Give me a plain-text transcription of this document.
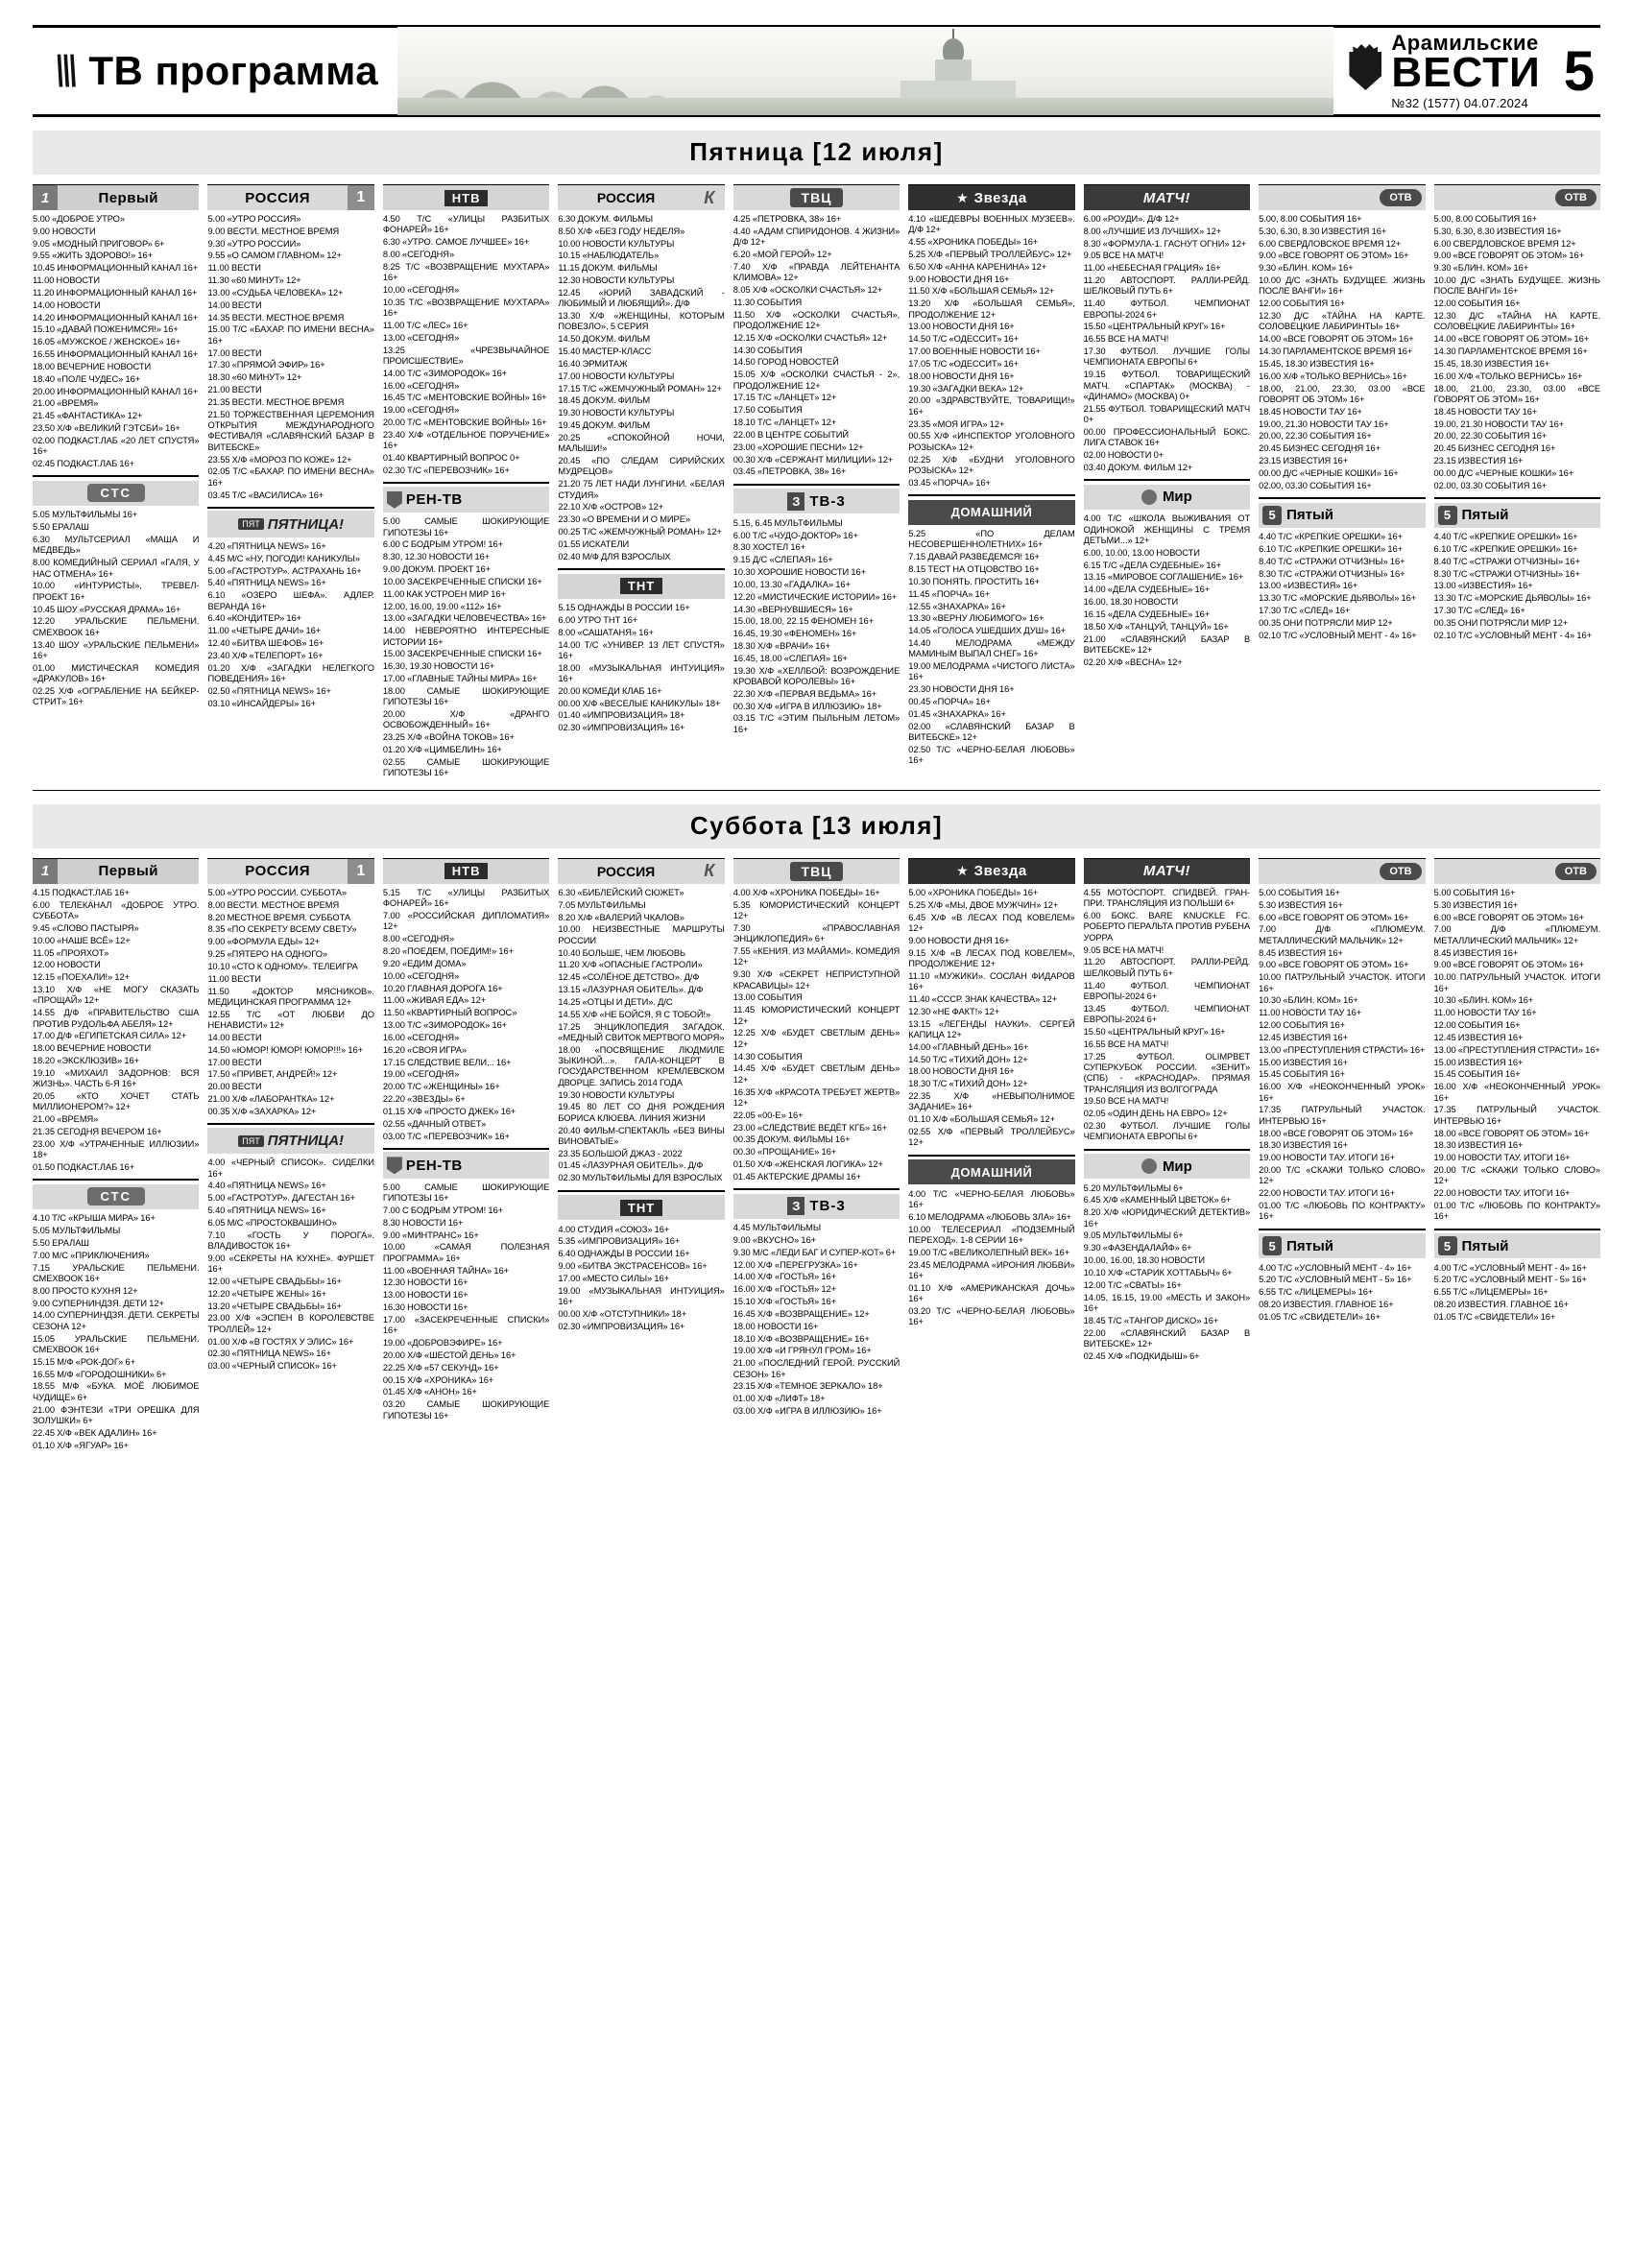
\\\ ТВ программа
Арамильские
ВЕСТИ
№32 (1577) 04.07.2024
5
Пятница [12 июля]
1	Первый

5.00 «ДОБРОЕ УТРО»

9.00 НОВОСТИ

9.05 «МОДНЫЙ ПРИГОВОР» 6+

9.55 «ЖИТЬ ЗДОРОВО!» 16+

10.45 ИНФОРМАЦИОННЫЙ КАНАЛ 16+

11.00 НОВОСТИ

11.20 ИНФОРМАЦИОННЫЙ КАНАЛ 16+

14.00 НОВОСТИ

14.20 ИНФОРМАЦИОННЫЙ КАНАЛ 16+

15.10 «ДАВАЙ ПОЖЕНИМСЯ!» 16+

16.05 «МУЖСКОЕ / ЖЕНСКОЕ» 16+

16.55 ИНФОРМАЦИОННЫЙ КАНАЛ 16+

18.00 ВЕЧЕРНИЕ НОВОСТИ

18.40 «ПОЛЕ ЧУДЕС» 16+

20.00 ИНФОРМАЦИОННЫЙ КАНАЛ 16+

21.00 «ВРЕМЯ»

21.45 «ФАНТАСТИКА» 12+

23.50 Х/Ф «ВЕЛИКИЙ ГЭТСБИ» 16+

02.00 ПОДКАСТ.ЛАБ «20 ЛЕТ СПУСТЯ» 16+

02.45 ПОДКАСТ.ЛАБ 16+

СТС

5.05 МУЛЬТФИЛЬМЫ 16+

5.50 ЕРАЛАШ

6.30 МУЛЬТСЕРИАЛ «МАША И МЕДВЕДЬ»

8.00 КОМЕДИЙНЫЙ СЕРИАЛ «ГАЛЯ, У НАС ОТМЕНА» 16+

10.00 «ИНТУРИСТЫ», ТРЕВЕЛ-ПРОЕКТ 16+

10.45 ШОУ «РУССКАЯ ДРАМА» 16+

12.20 УРАЛЬСКИЕ ПЕЛЬМЕНИ. СМЕХВООК 16+

13.40 ШОУ «УРАЛЬСКИЕ ПЕЛЬМЕНИ» 16+

01.00 МИСТИЧЕСКАЯ КОМЕДИЯ «ДРАКУЛОВ» 16+

02.25 Х/Ф «ОГРАБЛЕНИЕ НА БЕЙКЕР-СТРИТ» 16+

РОССИЯ	1

5.00 «УТРО РОССИЯ»

9.00 ВЕСТИ. МЕСТНОЕ ВРЕМЯ

9.30 «УТРО РОССИИ»

9.55 «О САМОМ ГЛАВНОМ» 12+

11.00 ВЕСТИ

11.30 «60 МИНУТ» 12+

13.00 «СУДЬБА ЧЕЛОВЕКА» 12+

14.00 ВЕСТИ

14.35 ВЕСТИ. МЕСТНОЕ ВРЕМЯ

15.00 Т/С «БАХАР. ПО ИМЕНИ ВЕСНА» 16+

17.00 ВЕСТИ

17.30 «ПРЯМОЙ ЭФИР» 16+

18.30 «60 МИНУТ» 12+

21.00 ВЕСТИ

21.35 ВЕСТИ. МЕСТНОЕ ВРЕМЯ

21.50 ТОРЖЕСТВЕННАЯ ЦЕРЕМОНИЯ ОТКРЫТИЯ МЕЖДУНАРОДНОГО ФЕСТИВАЛЯ «СЛАВЯНСКИЙ БАЗАР В ВИТЕБСКЕ»

23.55 Х/Ф «МОРОЗ ПО КОЖЕ» 12+

02.05 Т/С «БАХАР. ПО ИМЕНИ ВЕСНА» 16+

03.45 Т/С «ВАСИЛИСА» 16+

ПЯТ ПЯТНИЦА!

4.20 «ПЯТНИЦА NEWS» 16+

4.45 М/С «НУ, ПОГОДИ! КАНИКУЛЫ»

5.00 «ГАСТРОТУР». АСТРАХАНЬ 16+

5.40 «ПЯТНИЦА NEWS» 16+

6.10 «ОЗЕРО ШЕФА». АДЛЕР. ВЕРАНДА 16+

6.40 «КОНДИТЕР» 16+

11.00 «ЧЕТЫРЕ ДАЧИ» 16+

12.40 «БИТВА ШЕФОВ» 16+

23.40 Х/Ф «ТЕЛЕПОРТ» 16+

01.20 Х/Ф «ЗАГАДКИ НЕЛЕГКОГО ПОВЕДЕНИЯ» 16+

02.50 «ПЯТНИЦА NEWS» 16+

03.10 «ИНСАЙДЕРЫ» 16+

НТВ

4.50 Т/С «УЛИЦЫ РАЗБИТЫХ ФОНАРЕЙ» 16+

6.30 «УТРО. САМОЕ ЛУЧШЕЕ» 16+

8.00 «СЕГОДНЯ»

8.25 Т/С «ВОЗВРАЩЕНИЕ МУХТАРА» 16+

10.00 «СЕГОДНЯ»

10.35 Т/С «ВОЗВРАЩЕНИЕ МУХТАРА» 16+

11.00 Т/С «ЛЕС» 16+

13.00 «СЕГОДНЯ»

13.25 «ЧРЕЗВЫЧАЙНОЕ ПРОИСШЕСТВИЕ»

14.00 Т/С «ЗИМОРОДОК» 16+

16.00 «СЕГОДНЯ»

16.45 Т/С «МЕНТОВСКИЕ ВОЙНЫ» 16+

19.00 «СЕГОДНЯ»

20.00 Т/С «МЕНТОВСКИЕ ВОЙНЫ» 16+

23.40 Х/Ф «ОТДЕЛЬНОЕ ПОРУЧЕНИЕ» 16+

01.40 КВАРТИРНЫЙ ВОПРОС 0+

02.30 Т/С «ПЕРЕВОЗЧИК» 16+

РЕН-ТВ

5.00 САМЫЕ ШОКИРУЮЩИЕ ГИПОТЕЗЫ 16+

6.00 С БОДРЫМ УТРОМ! 16+

8.30, 12.30 НОВОСТИ 16+

9.00 ДОКУМ. ПРОЕКТ 16+

10.00 ЗАСЕКРЕЧЕННЫЕ СПИСКИ 16+

11.00 КАК УСТРОЕН МИР 16+

12.00, 16.00, 19.00 «112» 16+

13.00 «ЗАГАДКИ ЧЕЛОВЕЧЕСТВА» 16+

14.00 НЕВЕРОЯТНО ИНТЕРЕСНЫЕ ИСТОРИИ 16+

15.00 ЗАСЕКРЕЧЕННЫЕ СПИСКИ 16+

16.30, 19.30 НОВОСТИ 16+

17.00 «ГЛАВНЫЕ ТАЙНЫ МИРА» 16+

18.00 САМЫЕ ШОКИРУЮЩИЕ ГИПОТЕЗЫ 16+

20.00 Х/Ф «ДРАНГО ОСВОБОЖДЕННЫЙ» 16+

23.25 Х/Ф «ВОЙНА ТОКОВ» 16+

01.20 Х/Ф «ЦИМБЕЛИН» 16+

02.55 САМЫЕ ШОКИРУЮЩИЕ ГИПОТЕЗЫ 16+

РОССИЯ	К

6.30 ДОКУМ. ФИЛЬМЫ

8.50 Х/Ф «БЕЗ ГОДУ НЕДЕЛЯ»

10.00 НОВОСТИ КУЛЬТУРЫ

10.15 «НАБЛЮДАТЕЛЬ»

11.15 ДОКУМ. ФИЛЬМЫ

12.30 НОВОСТИ КУЛЬТУРЫ

12.45 «ЮРИЙ ЗАВАДСКИЙ - ЛЮБИМЫЙ И ЛЮБЯЩИЙ». Д/Ф

13.30 Х/Ф «ЖЕНЩИНЫ, КОТОРЫМ ПОВЕЗЛО», 5 СЕРИЯ

14.50 ДОКУМ. ФИЛЬМ

15.40 МАСТЕР-КЛАСС

16.40 ЭРМИТАЖ

17.00 НОВОСТИ КУЛЬТУРЫ

17.15 Т/С «ЖЕМЧУЖНЫЙ РОМАН» 12+

18.45 ДОКУМ. ФИЛЬМ

19.30 НОВОСТИ КУЛЬТУРЫ

19.45 ДОКУМ. ФИЛЬМ

20.25 «СПОКОЙНОЙ НОЧИ, МАЛЫШИ!»

20.45 «ПО СЛЕДАМ СИРИЙСКИХ МУДРЕЦОВ»

21.20 75 ЛЕТ НАДИ ЛУНГИНИ. «БЕЛАЯ СТУДИЯ»

22.10 Х/Ф «ОСТРОВ» 12+

23.30 «О ВРЕМЕНИ И О МИРЕ»

00.25 Т/С «ЖЕМЧУЖНЫЙ РОМАН» 12+

01.55 ИСКАТЕЛИ

02.40 М/Ф ДЛЯ ВЗРОСЛЫХ

ТНТ

5.15 ОДНАЖДЫ В РОССИИ 16+

6.00 УТРО ТНТ 16+

8.00 «САШАТАНЯ» 16+

14.00 Т/С «УНИВЕР. 13 ЛЕТ СПУСТЯ» 16+

18.00 «МУЗЫКАЛЬНАЯ ИНТУИЦИЯ» 16+

20.00 КОМЕДИ КЛАБ 16+

00.00 Х/Ф «ВЕСЕЛЫЕ КАНИКУЛЫ» 18+

01.40 «ИМПРОВИЗАЦИЯ» 18+

02.30 «ИМПРОВИЗАЦИЯ» 16+

ТВЦ

4.25 «ПЕТРОВКА, 38» 16+

4.40 «АДАМ СПИРИДОНОВ. 4 ЖИЗНИ» Д/Ф 12+

6.20 «МОЙ ГЕРОЙ» 12+

7.40 Х/Ф «ПРАВДА ЛЕЙТЕНАНТА КЛИМОВА» 12+

8.05 Х/Ф «ОСКОЛКИ СЧАСТЬЯ» 12+

11.30 СОБЫТИЯ

11.50 Х/Ф «ОСКОЛКИ СЧАСТЬЯ», ПРОДОЛЖЕНИЕ 12+

12.15 Х/Ф «ОСКОЛКИ СЧАСТЬЯ» 12+

14.30 СОБЫТИЯ

14.50 ГОРОД НОВОСТЕЙ

15.05 Х/Ф «ОСКОЛКИ СЧАСТЬЯ - 2», ПРОДОЛЖЕНИЕ 12+

17.15 Т/С «ЛАНЦЕТ» 12+

17.50 СОБЫТИЯ

18.10 Т/С «ЛАНЦЕТ» 12+

22.00 В ЦЕНТРЕ СОБЫТИЙ

23.00 «ХОРОШИЕ ПЕСНИ» 12+

00.30 Х/Ф «СЕРЖАНТ МИЛИЦИИ» 12+

03.45 «ПЕТРОВКА, 38» 16+

З ТВ-3

5.15, 6.45 МУЛЬТФИЛЬМЫ

6.00 Т/С «ЧУДО-ДОКТОР» 16+

8.30 ХОСТЕЛ 16+

9.15 Д/С «СЛЕПАЯ» 16+

10.30 ХОРОШИЕ НОВОСТИ 16+

10.00, 13.30 «ГАДАЛКА» 16+

12.20 «МИСТИЧЕСКИЕ ИСТОРИИ» 16+

14.30 «ВЕРНУВШИЕСЯ» 16+

15.00, 18.00, 22.15 ФЕНОМЕН 16+

16.45, 19.30 «ФЕНОМЕН» 16+

18.30 Х/Ф «ВРАЧИ» 16+

16.45, 18.00 «СЛЕПАЯ» 16+

19.30 Х/Ф «ХЕЛЛБОЙ: ВОЗРОЖДЕНИЕ КРОВАВОЙ КОРОЛЕВЫ» 16+

22.30 Х/Ф «ПЕРВАЯ ВЕДЬМА» 16+

00.30 Х/Ф «ИГРА В ИЛЛЮЗИЮ» 18+

03.15 Т/С «ЭТИМ ПЫЛЬНЫМ ЛЕТОМ» 16+

★ Звезда

4.10 «ШЕДЕВРЫ ВОЕННЫХ МУЗЕЕВ». Д/Ф 12+

4.55 «ХРОНИКА ПОБЕДЫ» 16+

5.25 Х/Ф «ПЕРВЫЙ ТРОЛЛЕЙБУС» 12+

6.50 Х/Ф «АННА КАРЕНИНА» 12+

9.00 НОВОСТИ ДНЯ 16+

11.50 Х/Ф «БОЛЬШАЯ СЕМЬЯ» 12+

13.20 Х/Ф «БОЛЬШАЯ СЕМЬЯ», ПРОДОЛЖЕНИЕ 12+

13.00 НОВОСТИ ДНЯ 16+

14.50 Т/С «ОДЕССИТ» 16+

17.00 ВОЕННЫЕ НОВОСТИ 16+

17.05 Т/С «ОДЕССИТ» 16+

18.00 НОВОСТИ ДНЯ 16+

19.30 «ЗАГАДКИ ВЕКА» 12+

20.00 «ЗДРАВСТВУЙТЕ, ТОВАРИЩИ!» 16+

23.35 «МОЯ ИГРА» 12+

00.55 Х/Ф «ИНСПЕКТОР УГОЛОВНОГО РОЗЫСКА» 12+

02.25 Х/Ф «БУДНИ УГОЛОВНОГО РОЗЫСКА» 12+

03.45 «ПОРЧА» 16+

ДОМАШНИЙ

5.25 «ПО ДЕЛАМ НЕСОВЕРШЕННОЛЕТНИХ» 16+

7.15 ДАВАЙ РАЗВЕДЕМСЯ! 16+

8.15 ТЕСТ НА ОТЦОВСТВО 16+

10.30 ПОНЯТЬ. ПРОСТИТЬ 16+

11.45 «ПОРЧА» 16+

12.55 «ЗНАХАРКА» 16+

13.30 «ВЕРНУ ЛЮБИМОГО» 16+

14.05 «ГОЛОСА УШЕДШИХ ДУШ» 16+

14.40 МЕЛОДРАМА «МЕЖДУ МАМИНЫМ ВЫПАЛ СНЕГ» 16+

19.00 МЕЛОДРАМА «ЧИСТОГО ЛИСТА» 16+

23.30 НОВОСТИ ДНЯ 16+

00.45 «ПОРЧА» 16+

01.45 «ЗНАХАРКА» 16+

02.00 «СЛАВЯНСКИЙ БАЗАР В ВИТЕБСКЕ» 12+

02.50 Т/С «ЧЕРНО-БЕЛАЯ ЛЮБОВЬ» 16+

МАТЧ!

6.00 «РОУДИ». Д/Ф 12+

8.00 «ЛУЧШИЕ ИЗ ЛУЧШИХ» 12+

8.30 «ФОРМУЛА-1. ГАСНУТ ОГНИ» 12+

9.05 ВСЕ НА МАТЧ!

11.00 «НЕБЕСНАЯ ГРАЦИЯ» 16+

11.20 АВТОСПОРТ. РАЛЛИ-РЕЙД. ШЕЛКОВЫЙ ПУТЬ 6+

11.40 ФУТБОЛ. ЧЕМПИОНАТ ЕВРОПЫ-2024 6+

15.50 «ЦЕНТРАЛЬНЫЙ КРУГ» 16+

16.55 ВСЕ НА МАТЧ!

17.30 ФУТБОЛ. ЛУЧШИЕ ГОЛЫ ЧЕМПИОНАТА ЕВРОПЫ 6+

19.15 ФУТБОЛ. ТОВАРИЩЕСКИЙ МАТЧ. «СПАРТАК» (МОСКВА) - «ДИНАМО» (МОСКВА) 0+

21.55 ФУТБОЛ. ТОВАРИЩЕСКИЙ МАТЧ 0+

00.00 ПРОФЕССИОНАЛЬНЫЙ БОКС. ЛИГА СТАВОК 16+

02.00 НОВОСТИ 0+

03.40 ДОКУМ. ФИЛЬМ 12+

Мир

4.00 Т/С «ШКОЛА ВЫЖИВАНИЯ ОТ ОДИНОКОЙ ЖЕНЩИНЫ С ТРЕМЯ ДЕТЬМИ...» 12+

6.00, 10.00, 13.00 НОВОСТИ

6.15 Т/С «ДЕЛА СУДЕБНЫЕ» 16+

13.15 «МИРОВОЕ СОГЛАШЕНИЕ» 16+

14.00 «ДЕЛА СУДЕБНЫЕ» 16+

16.00, 18.30 НОВОСТИ

16.15 «ДЕЛА СУДЕБНЫЕ» 16+

18.50 Х/Ф «ТАНЦУЙ, ТАНЦУЙ» 16+

21.00 «СЛАВЯНСКИЙ БАЗАР В ВИТЕБСКЕ» 12+

02.20 Х/Ф «ВЕСНА» 12+

ОТВ

5.00, 8.00 СОБЫТИЯ 16+

5.30, 6.30, 8.30 ИЗВЕСТИЯ 16+

6.00 СВЕРДЛОВСКОЕ ВРЕМЯ 12+

9.00 «ВСЕ ГОВОРЯТ ОБ ЭТОМ» 16+

9.30 «БЛИН. КОМ» 16+

10.00 Д/С «ЗНАТЬ БУДУЩЕЕ. ЖИЗНЬ ПОСЛЕ ВАНГИ» 16+

12.00 СОБЫТИЯ 16+

12.30 Д/С «ТАЙНА НА КАРТЕ. СОЛОВЕЦКИЕ ЛАБИРИНТЫ» 16+

14.00 «ВСЕ ГОВОРЯТ ОБ ЭТОМ» 16+

14.30 ПАРЛАМЕНТСКОЕ ВРЕМЯ 16+

15.45, 18.30 ИЗВЕСТИЯ 16+

16.00 Х/Ф «ТОЛЬКО ВЕРНИСЬ» 16+

18.00, 21.00, 23.30, 03.00 «ВСЕ ГОВОРЯТ ОБ ЭТОМ» 16+

18.45 НОВОСТИ ТАУ 16+

19.00, 21.30 НОВОСТИ ТАУ 16+

20.00, 22.30 СОБЫТИЯ 16+

20.45 БИЗНЕС СЕГОДНЯ 16+

23.15 ИЗВЕСТИЯ 16+

00.00 Д/С «ЧЕРНЫЕ КОШКИ» 16+

02.00, 03.30 СОБЫТИЯ 16+

5 Пятый

4.40 Т/С «КРЕПКИЕ ОРЕШКИ» 16+

6.10 Т/С «КРЕПКИЕ ОРЕШКИ» 16+

8.40 Т/С «СТРАЖИ ОТЧИЗНЫ» 16+

8.30 Т/С «СТРАЖИ ОТЧИЗНЫ» 16+

13.00 «ИЗВЕСТИЯ» 16+

13.30 Т/С «МОРСКИЕ ДЬЯВОЛЫ» 16+

17.30 Т/С «СЛЕД» 16+

00.35 ОНИ ПОТРЯСЛИ МИР 12+

02.10 Т/С «УСЛОВНЫЙ МЕНТ - 4» 16+

ОТВ

5.00, 8.00 СОБЫТИЯ 16+

5.30, 6.30, 8.30 ИЗВЕСТИЯ 16+

6.00 СВЕРДЛОВСКОЕ ВРЕМЯ 12+

9.00 «ВСЕ ГОВОРЯТ ОБ ЭТОМ» 16+

9.30 «БЛИН. КОМ» 16+

10.00 Д/С «ЗНАТЬ БУДУЩЕЕ. ЖИЗНЬ ПОСЛЕ ВАНГИ» 16+

12.00 СОБЫТИЯ 16+

12.30 Д/С «ТАЙНА НА КАРТЕ. СОЛОВЕЦКИЕ ЛАБИРИНТЫ» 16+

14.00 «ВСЕ ГОВОРЯТ ОБ ЭТОМ» 16+

14.30 ПАРЛАМЕНТСКОЕ ВРЕМЯ 16+

15.45, 18.30 ИЗВЕСТИЯ 16+

16.00 Х/Ф «ТОЛЬКО ВЕРНИСЬ» 16+

18.00, 21.00, 23.30, 03.00 «ВСЕ ГОВОРЯТ ОБ ЭТОМ» 16+

18.45 НОВОСТИ ТАУ 16+

19.00, 21.30 НОВОСТИ ТАУ 16+

20.00, 22.30 СОБЫТИЯ 16+

20.45 БИЗНЕС СЕГОДНЯ 16+

23.15 ИЗВЕСТИЯ 16+

00.00 Д/С «ЧЕРНЫЕ КОШКИ» 16+

02.00, 03.30 СОБЫТИЯ 16+

5 Пятый

4.40 Т/С «КРЕПКИЕ ОРЕШКИ» 16+

6.10 Т/С «КРЕПКИЕ ОРЕШКИ» 16+

8.40 Т/С «СТРАЖИ ОТЧИЗНЫ» 16+

8.30 Т/С «СТРАЖИ ОТЧИЗНЫ» 16+

13.00 «ИЗВЕСТИЯ» 16+

13.30 Т/С «МОРСКИЕ ДЬЯВОЛЫ» 16+

17.30 Т/С «СЛЕД» 16+

00.35 ОНИ ПОТРЯСЛИ МИР 12+

02.10 Т/С «УСЛОВНЫЙ МЕНТ - 4» 16+

Суббота [13 июля]
1	Первый

4.15 ПОДКАСТ.ЛАБ 16+

6.00 ТЕЛЕКАНАЛ «ДОБРОЕ УТРО. СУББОТА»

9.45 «СЛОВО ПАСТЫРЯ»

10.00 «НАШЕ ВСЁ» 12+

11.05 «ПРОЯХОТ»

12.00 НОВОСТИ

12.15 «ПОЕХАЛИ!» 12+

13.10 Х/Ф «НЕ МОГУ СКАЗАТЬ «ПРОЩАЙ» 12+

14.55 Д/Ф «ПРАВИТЕЛЬСТВО США ПРОТИВ РУДОЛЬФА АБЕЛЯ» 12+

17.00 Д/Ф «ЕГИПЕТСКАЯ СИЛА» 12+

18.00 ВЕЧЕРНИЕ НОВОСТИ

18.20 «ЭКСКЛЮЗИВ» 16+

19.10 «МИХАИЛ ЗАДОРНОВ: ВСЯ ЖИЗНЬ». ЧАСТЬ 6-Я 16+

20.05 «КТО ХОЧЕТ СТАТЬ МИЛЛИОНЕРОМ?» 12+

21.00 «ВРЕМЯ»

21.35 СЕГОДНЯ ВЕЧЕРОМ 16+

23.00 Х/Ф «УТРАЧЕННЫЕ ИЛЛЮЗИИ» 18+

01.50 ПОДКАСТ.ЛАБ 16+

СТС

4.10 Т/С «КРЫША МИРА» 16+

5.05 МУЛЬТФИЛЬМЫ

5.50 ЕРАЛАШ

7.00 М/С «ПРИКЛЮЧЕНИЯ»

7.15 УРАЛЬСКИЕ ПЕЛЬМЕНИ. СМЕХВООК 16+

8.00 ПРОСТО КУХНЯ 12+

9.00 СУПЕРНИНДЗЯ. ДЕТИ 12+

14.00 СУПЕРНИНДЗЯ. ДЕТИ. СЕКРЕТЫ СЕЗОНА 12+

15.05 УРАЛЬСКИЕ ПЕЛЬМЕНИ. СМЕХВООК 16+

15.15 М/Ф «РОК-ДОГ» 6+

16.55 М/Ф «ГОРОДОШНИКИ» 6+

18.55 М/Ф «БУКА. МОЁ ЛЮБИМОЕ ЧУДИЩЕ» 6+

21.00 ФЭНТЕЗИ «ТРИ ОРЕШКА ДЛЯ ЗОЛУШКИ» 6+

22.45 Х/Ф «ВЕК АДАЛИН» 16+

01.10 Х/Ф «ЯГУАР» 16+

РОССИЯ	1

5.00 «УТРО РОССИИ. СУББОТА»

8.00 ВЕСТИ. МЕСТНОЕ ВРЕМЯ

8.20 МЕСТНОЕ ВРЕМЯ. СУББОТА

8.35 «ПО СЕКРЕТУ ВСЕМУ СВЕТУ»

9.00 «ФОРМУЛА ЕДЫ» 12+

9.25 «ПЯТЕРО НА ОДНОГО»

10.10 «СТО К ОДНОМУ». ТЕЛЕИГРА

11.00 ВЕСТИ

11.50 «ДОКТОР МЯСНИКОВ». МЕДИЦИНСКАЯ ПРОГРАММА 12+

12.55 Т/С «ОТ ЛЮБВИ ДО НЕНАВИСТИ» 12+

14.00 ВЕСТИ

14.50 «ЮМОР! ЮМОР! ЮМОР!!!» 16+

17.00 ВЕСТИ

17.50 «ПРИВЕТ, АНДРЕЙ!» 12+

20.00 ВЕСТИ

21.00 Х/Ф «ЛАБОРАНТКА» 12+

00.35 Х/Ф «ЗАХАРКА» 12+

ПЯТ ПЯТНИЦА!

4.00 «ЧЕРНЫЙ СПИСОК». СИДЕЛКИ 16+

4.40 «ПЯТНИЦА NEWS» 16+

5.00 «ГАСТРОТУР». ДАГЕСТАН 16+

5.40 «ПЯТНИЦА NEWS» 16+

6.05 М/С «ПРОСТОКВАШИНО»

7.10 «ГОСТЬ У ПОРОГА». ВЛАДИВОСТОК 16+

9.00 «СЕКРЕТЫ НА КУХНЕ». ФУРШЕТ 16+

12.00 «ЧЕТЫРЕ СВАДЬБЫ» 16+

12.20 «ЧЕТЫРЕ ЖЕНЫ» 16+

13.20 «ЧЕТЫРЕ СВАДЬБЫ» 16+

23.00 Х/Ф «ЭСПЕН В КОРОЛЕВСТВЕ ТРОЛЛЕЙ» 12+

01.00 Х/Ф «В ГОСТЯХ У ЭЛИС» 16+

02.30 «ПЯТНИЦА NEWS» 16+

03.00 «ЧЕРНЫЙ СПИСОК» 16+

НТВ

5.15 Т/С «УЛИЦЫ РАЗБИТЫХ ФОНАРЕЙ» 16+

7.00 «РОССИЙСКАЯ ДИПЛОМАТИЯ» 12+

8.00 «СЕГОДНЯ»

8.20 «ПОЕДЕМ, ПОЕДИМ!» 16+

9.20 «ЕДИМ ДОМА»

10.00 «СЕГОДНЯ»

10.20 ГЛАВНАЯ ДОРОГА 16+

11.00 «ЖИВАЯ ЕДА» 12+

11.50 «КВАРТИРНЫЙ ВОПРОС»

13.00 Т/С «ЗИМОРОДОК» 16+

16.00 «СЕГОДНЯ»

16.20 «СВОЯ ИГРА»

17.15 СЛЕДСТВИЕ ВЕЛИ... 16+

19.00 «СЕГОДНЯ»

20.00 Т/С «ЖЕНЩИНЫ» 16+

22.20 «ЗВЕЗДЫ» 6+

01.15 Х/Ф «ПРОСТО ДЖЕК» 16+

02.55 «ДАЧНЫЙ ОТВЕТ»

03.00 Т/С «ПЕРЕВОЗЧИК» 16+

РЕН-ТВ

5.00 САМЫЕ ШОКИРУЮЩИЕ ГИПОТЕЗЫ 16+

7.00 С БОДРЫМ УТРОМ! 16+

8.30 НОВОСТИ 16+

9.00 «МИНТРАНС» 16+

10.00 «САМАЯ ПОЛЕЗНАЯ ПРОГРАММА» 16+

11.00 «ВОЕННАЯ ТАЙНА» 16+

12.30 НОВОСТИ 16+

13.00 НОВОСТИ 16+

16.30 НОВОСТИ 16+

17.00 «ЗАСЕКРЕЧЕННЫЕ СПИСКИ» 16+

19.00 «ДОБРОВЭФИРЕ» 16+

20.00 Х/Ф «ШЕСТОЙ ДЕНЬ» 16+

22.25 Х/Ф «57 СЕКУНД» 16+

00.15 Х/Ф «ХРОНИКА» 16+

01.45 Х/Ф «АНОН» 16+

03.20 САМЫЕ ШОКИРУЮЩИЕ ГИПОТЕЗЫ 16+

РОССИЯ	К

6.30 «БИБЛЕЙСКИЙ СЮЖЕТ»

7.05 МУЛЬТФИЛЬМЫ

8.20 Х/Ф «ВАЛЕРИЙ ЧКАЛОВ»

10.00 НЕИЗВЕСТНЫЕ МАРШРУТЫ РОССИИ

10.40 БОЛЬШЕ, ЧЕМ ЛЮБОВЬ

11.20 Х/Ф «ОПАСНЫЕ ГАСТРОЛИ»

12.45 «СОЛЁНОЕ ДЕТСТВО». Д/Ф

13.15 «ЛАЗУРНАЯ ОБИТЕЛЬ». Д/Ф

14.25 «ОТЦЫ И ДЕТИ». Д/С

14.55 Х/Ф «НЕ БОЙСЯ, Я С ТОБОЙ!»

17.25 ЭНЦИКЛОПЕДИЯ ЗАГАДОК. «МЕДНЫЙ СВИТОК МЕРТВОГО МОРЯ»

18.00 «ПОСВЯЩЕНИЕ ЛЮДМИЛЕ ЗЫКИНОЙ...». ГАЛА-КОНЦЕРТ В ГОСУДАРСТВЕННОМ КРЕМЛЕВСКОМ ДВОРЦЕ. ЗАПИСЬ 2014 ГОДА

19.30 НОВОСТИ КУЛЬТУРЫ

19.45 80 ЛЕТ СО ДНЯ РОЖДЕНИЯ БОРИСА КЛЮЕВА. ЛИНИЯ ЖИЗНИ

20.40 ФИЛЬМ-СПЕКТАКЛЬ «БЕЗ ВИНЫ ВИНОВАТЫЕ»

23.35 БОЛЬШОЙ ДЖАЗ - 2022

01.45 «ЛАЗУРНАЯ ОБИТЕЛЬ». Д/Ф

02.30 МУЛЬТФИЛЬМЫ ДЛЯ ВЗРОСЛЫХ

ТНТ

4.00 СТУДИЯ «СОЮЗ» 16+

5.35 «ИМПРОВИЗАЦИЯ» 16+

6.40 ОДНАЖДЫ В РОССИИ 16+

9.00 «БИТВА ЭКСТРАСЕНСОВ» 16+

17.00 «МЕСТО СИЛЫ» 16+

19.00 «МУЗЫКАЛЬНАЯ ИНТУИЦИЯ» 16+

00.00 Х/Ф «ОТСТУПНИКИ» 18+

02.30 «ИМПРОВИЗАЦИЯ» 16+

ТВЦ

4.00 Х/Ф «ХРОНИКА ПОБЕДЫ» 16+

5.35 ЮМОРИСТИЧЕСКИЙ КОНЦЕРТ 12+

7.30 «ПРАВОСЛАВНАЯ ЭНЦИКЛОПЕДИЯ» 6+

7.55 «КЕНИЯ. ИЗ МАЙАМИ». КОМЕДИЯ 12+

9.30 Х/Ф «СЕКРЕТ НЕПРИСТУПНОЙ КРАСАВИЦЫ» 12+

13.00 СОБЫТИЯ

11.45 ЮМОРИСТИЧЕСКИЙ КОНЦЕРТ 12+

12.25 Х/Ф «БУДЕТ СВЕТЛЫМ ДЕНЬ» 12+

14.30 СОБЫТИЯ

14.45 Х/Ф «БУДЕТ СВЕТЛЫМ ДЕНЬ» 12+

16.35 Х/Ф «КРАСОТА ТРЕБУЕТ ЖЕРТВ» 12+

22.05 «00-Е» 16+

23.00 «СЛЕДСТВИЕ ВЕДЁТ КГБ» 16+

00.35 ДОКУМ. ФИЛЬМЫ 16+

00.30 «ПРОЩАНИЕ» 16+

01.50 Х/Ф «ЖЕНСКАЯ ЛОГИКА» 12+

01.45 АКТЕРСКИЕ ДРАМЫ 16+

З ТВ-3

4.45 МУЛЬТФИЛЬМЫ

9.00 «ВКУСНО» 16+

9.30 М/С «ЛЕДИ БАГ И СУПЕР-КОТ» 6+

12.00 Х/Ф «ПЕРЕГРУЗКА» 16+

14.00 Х/Ф «ГОСТЬЯ» 16+

16.00 Х/Ф «ГОСТЬЯ» 12+

15.10 Х/Ф «ГОСТЬЯ» 16+

16.45 Х/Ф «ВОЗВРАЩЕНИЕ» 12+

18.00 НОВОСТИ 16+

18.10 Х/Ф «ВОЗВРАЩЕНИЕ» 16+

19.00 Х/Ф «И ГРЯНУЛ ГРОМ» 16+

21.00 «ПОСЛЕДНИЙ ГЕРОЙ. РУССКИЙ СЕЗОН» 16+

23.15 Х/Ф «ТЕМНОЕ ЗЕРКАЛО» 18+

01.00 Х/Ф «ЛИФТ» 18+

03.00 Х/Ф «ИГРА В ИЛЛЮЗИЮ» 16+

★ Звезда

5.00 «ХРОНИКА ПОБЕДЫ» 16+

5.25 Х/Ф «МЫ, ДВОЕ МУЖЧИН» 12+

6.45 Х/Ф «В ЛЕСАХ ПОД КОВЕЛЕМ» 12+

9.00 НОВОСТИ ДНЯ 16+

9.15 Х/Ф «В ЛЕСАХ ПОД КОВЕЛЕМ», ПРОДОЛЖЕНИЕ 12+

11.10 «МУЖИКИ». СОСЛАН ФИДАРОВ 16+

11.40 «СССР. ЗНАК КАЧЕСТВА» 12+

12.30 «НЕ ФАКТ!» 12+

13.15 «ЛЕГЕНДЫ НАУКИ». СЕРГЕЙ КАПИЦА 12+

14.00 «ГЛАВНЫЙ ДЕНЬ» 16+

14.50 Т/С «ТИХИЙ ДОН» 12+

18.00 НОВОСТИ ДНЯ 16+

18.30 Т/С «ТИХИЙ ДОН» 12+

22.35 Х/Ф «НЕВЫПОЛНИМОЕ ЗАДАНИЕ» 16+

01.10 Х/Ф «БОЛЬШАЯ СЕМЬЯ» 12+

02.55 Х/Ф «ПЕРВЫЙ ТРОЛЛЕЙБУС» 12+

ДОМАШНИЙ

4.00 Т/С «ЧЕРНО-БЕЛАЯ ЛЮБОВЬ» 16+

6.10 МЕЛОДРАМА «ЛЮБОВЬ ЗЛА» 16+

10.00 ТЕЛЕСЕРИАЛ «ПОДЗЕМНЫЙ ПЕРЕХОД». 1-8 СЕРИИ 16+

19.00 Т/С «ВЕЛИКОЛЕПНЫЙ ВЕК» 16+

23.45 МЕЛОДРАМА «ИРОНИЯ ЛЮБВИ» 16+

01.10 Х/Ф «АМЕРИКАНСКАЯ ДОЧЬ» 16+

03.20 Т/С «ЧЕРНО-БЕЛАЯ ЛЮБОВЬ» 16+

МАТЧ!

4.55 МОТОСПОРТ. СПИДВЕЙ. ГРАН-ПРИ. ТРАНСЛЯЦИЯ ИЗ ПОЛЬШИ 6+

6.00 БОКС. BARE KNUCKLE FC. РОБЕРТО ПЕРАЛЬТА ПРОТИВ РУБЕНА УОРРА

9.05 ВСЕ НА МАТЧ!

11.20 АВТОСПОРТ. РАЛЛИ-РЕЙД. ШЕЛКОВЫЙ ПУТЬ 6+

11.40 ФУТБОЛ. ЧЕМПИОНАТ ЕВРОПЫ-2024 6+

13.45 ФУТБОЛ. ЧЕМПИОНАТ ЕВРОПЫ-2024 6+

15.50 «ЦЕНТРАЛЬНЫЙ КРУГ» 16+

16.55 ВСЕ НА МАТЧ!

17.25 ФУТБОЛ. OLIMPBET СУПЕРКУБОК РОССИИ. «ЗЕНИТ» (СПБ) - «КРАСНОДАР». ПРЯМАЯ ТРАНСЛЯЦИЯ ИЗ ВОЛГОГРАДА

19.50 ВСЕ НА МАТЧ!

02.05 «ОДИН ДЕНЬ НА ЕВРО» 12+

02.30 ФУТБОЛ. ЛУЧШИЕ ГОЛЫ ЧЕМПИОНАТА ЕВРОПЫ 6+

Мир

5.20 МУЛЬТФИЛЬМЫ 6+

6.45 Х/Ф «КАМЕННЫЙ ЦВЕТОК» 6+

8.20 Х/Ф «ЮРИДИЧЕСКИЙ ДЕТЕКТИВ» 16+

9.05 МУЛЬТФИЛЬМЫ 6+

9.30 «ФАЗЕНДАЛАЙФ» 6+

10.00, 16.00, 18.30 НОВОСТИ

10.10 Х/Ф «СТАРИК ХОТТАБЫЧ» 6+

12.00 Т/С «СВАТЫ» 16+

14.05, 16.15, 19.00 «МЕСТЬ И ЗАКОН» 16+

18.45 Т/С «ТАНГОР ДИСКО» 16+

22.00 «СЛАВЯНСКИЙ БАЗАР В ВИТЕБСКЕ» 12+

02.45 Х/Ф «ПОДКИДЫШ» 6+

ОТВ

5.00 СОБЫТИЯ 16+

5.30 ИЗВЕСТИЯ 16+

6.00 «ВСЕ ГОВОРЯТ ОБ ЭТОМ» 16+

7.00 Д/Ф «ПЛЮМЕУМ. МЕТАЛЛИЧЕСКИЙ МАЛЬЧИК» 12+

8.45 ИЗВЕСТИЯ 16+

9.00 «ВСЕ ГОВОРЯТ ОБ ЭТОМ» 16+

10.00 ПАТРУЛЬНЫЙ УЧАСТОК. ИТОГИ 16+

10.30 «БЛИН. КОМ» 16+

11.00 НОВОСТИ ТАУ 16+

12.00 СОБЫТИЯ 16+

12.45 ИЗВЕСТИЯ 16+

13.00 «ПРЕСТУПЛЕНИЯ СТРАСТИ» 16+

15.00 ИЗВЕСТИЯ 16+

15.45 СОБЫТИЯ 16+

16.00 Х/Ф «НЕОКОНЧЕННЫЙ УРОК» 16+

17.35 ПАТРУЛЬНЫЙ УЧАСТОК. ИНТЕРВЬЮ 16+

18.00 «ВСЕ ГОВОРЯТ ОБ ЭТОМ» 16+

18.30 ИЗВЕСТИЯ 16+

19.00 НОВОСТИ ТАУ. ИТОГИ 16+

20.00 Т/С «СКАЖИ ТОЛЬКО СЛОВО» 12+

22.00 НОВОСТИ ТАУ. ИТОГИ 16+

01.00 Т/С «ЛЮБОВЬ ПО КОНТРАКТУ» 16+

5 Пятый

4.00 Т/С «УСЛОВНЫЙ МЕНТ - 4» 16+

5.20 Т/С «УСЛОВНЫЙ МЕНТ - 5» 16+

6.55 Т/С «ЛИЦЕМЕРЫ» 16+

08.20 ИЗВЕСТИЯ. ГЛАВНОЕ 16+

01.05 Т/С «СВИДЕТЕЛИ» 16+

ОТВ

5.00 СОБЫТИЯ 16+

5.30 ИЗВЕСТИЯ 16+

6.00 «ВСЕ ГОВОРЯТ ОБ ЭТОМ» 16+

7.00 Д/Ф «ПЛЮМЕУМ. МЕТАЛЛИЧЕСКИЙ МАЛЬЧИК» 12+

8.45 ИЗВЕСТИЯ 16+

9.00 «ВСЕ ГОВОРЯТ ОБ ЭТОМ» 16+

10.00 ПАТРУЛЬНЫЙ УЧАСТОК. ИТОГИ 16+

10.30 «БЛИН. КОМ» 16+

11.00 НОВОСТИ ТАУ 16+

12.00 СОБЫТИЯ 16+

12.45 ИЗВЕСТИЯ 16+

13.00 «ПРЕСТУПЛЕНИЯ СТРАСТИ» 16+

15.00 ИЗВЕСТИЯ 16+

15.45 СОБЫТИЯ 16+

16.00 Х/Ф «НЕОКОНЧЕННЫЙ УРОК» 16+

17.35 ПАТРУЛЬНЫЙ УЧАСТОК. ИНТЕРВЬЮ 16+

18.00 «ВСЕ ГОВОРЯТ ОБ ЭТОМ» 16+

18.30 ИЗВЕСТИЯ 16+

19.00 НОВОСТИ ТАУ. ИТОГИ 16+

20.00 Т/С «СКАЖИ ТОЛЬКО СЛОВО» 12+

22.00 НОВОСТИ ТАУ. ИТОГИ 16+

01.00 Т/С «ЛЮБОВЬ ПО КОНТРАКТУ» 16+

5 Пятый

4.00 Т/С «УСЛОВНЫЙ МЕНТ - 4» 16+

5.20 Т/С «УСЛОВНЫЙ МЕНТ - 5» 16+

6.55 Т/С «ЛИЦЕМЕРЫ» 16+

08.20 ИЗВЕСТИЯ. ГЛАВНОЕ 16+

01.05 Т/С «СВИДЕТЕЛИ» 16+
